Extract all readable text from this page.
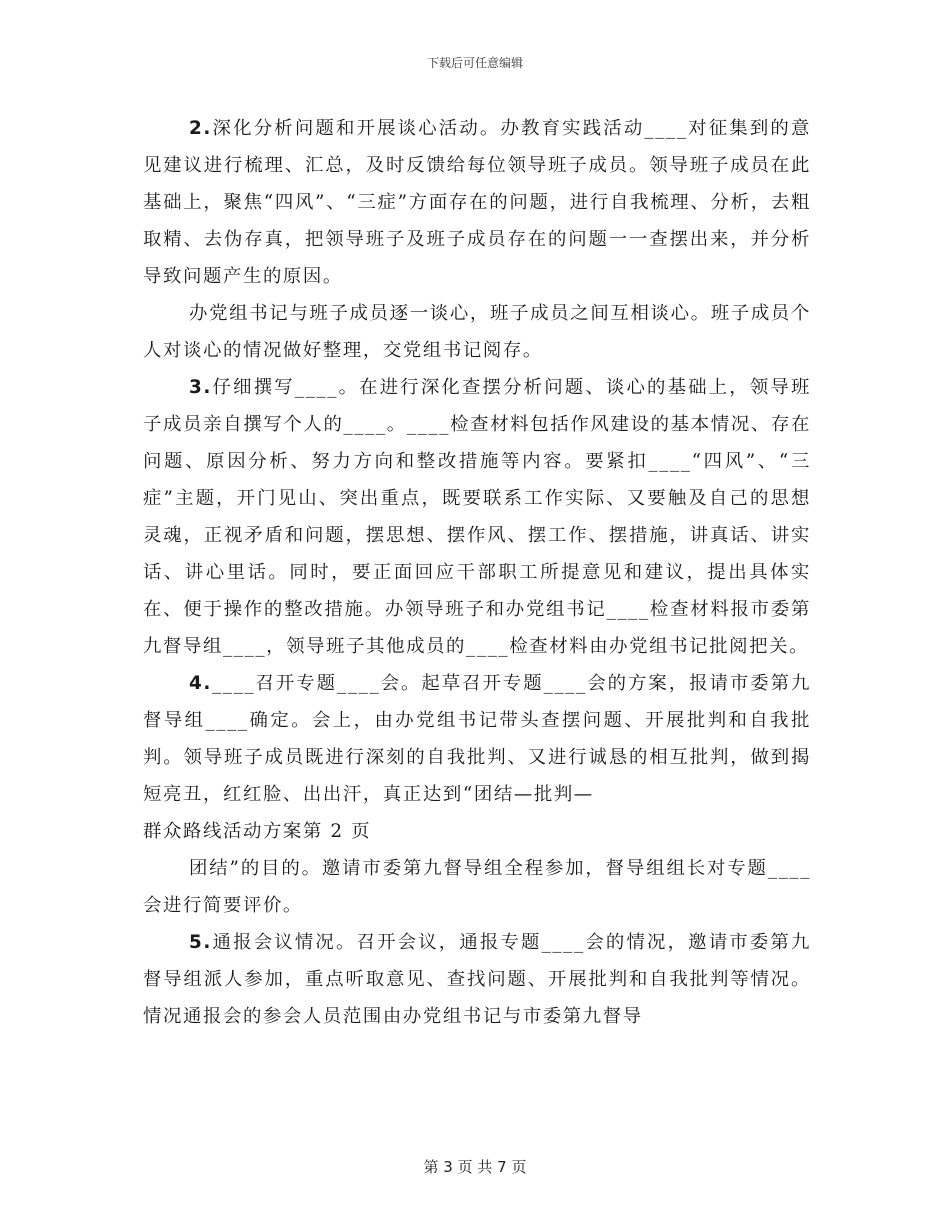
下载后可任意编辑

2.深化分析问题和开展谈心活动。办教育实践活动____对征集到的意见建议进行梳理、汇总，及时反馈给每位领导班子成员。领导班子成员在此基础上，聚焦“四风”、“三症”方面存在的问题，进行自我梳理、分析，去粗取精、去伪存真，把领导班子及班子成员存在的问题一一查摆出来，并分析导致问题产生的原因。

办党组书记与班子成员逐一谈心，班子成员之间互相谈心。班子成员个人对谈心的情况做好整理，交党组书记阅存。

3.仔细撰写____。在进行深化查摆分析问题、谈心的基础上，领导班子成员亲自撰写个人的____。____检查材料包括作风建设的基本情况、存在问题、原因分析、努力方向和整改措施等内容。要紧扣____“四风”、“三症”主题，开门见山、突出重点，既要联系工作实际、又要触及自己的思想灵魂，正视矛盾和问题，摆思想、摆作风、摆工作、摆措施，讲真话、讲实话、讲心里话。同时，要正面回应干部职工所提意见和建议，提出具体实在、便于操作的整改措施。办领导班子和办党组书记____检查材料报市委第九督导组____，领导班子其他成员的____检查材料由办党组书记批阅把关。

4.____召开专题____会。起草召开专题____会的方案，报请市委第九督导组____确定。会上，由办党组书记带头查摆问题、开展批判和自我批判。领导班子成员既进行深刻的自我批判、又进行诚恳的相互批判，做到揭短亮丑，红红脸、出出汗，真正达到“团结—批判—
群众路线活动方案第 2 页

团结”的目的。邀请市委第九督导组全程参加，督导组组长对专题____会进行简要评价。

5.通报会议情况。召开会议，通报专题____会的情况，邀请市委第九督导组派人参加，重点听取意见、查找问题、开展批判和自我批判等情况。情况通报会的参会人员范围由办党组书记与市委第九督导

第 3 页 共 7 页
